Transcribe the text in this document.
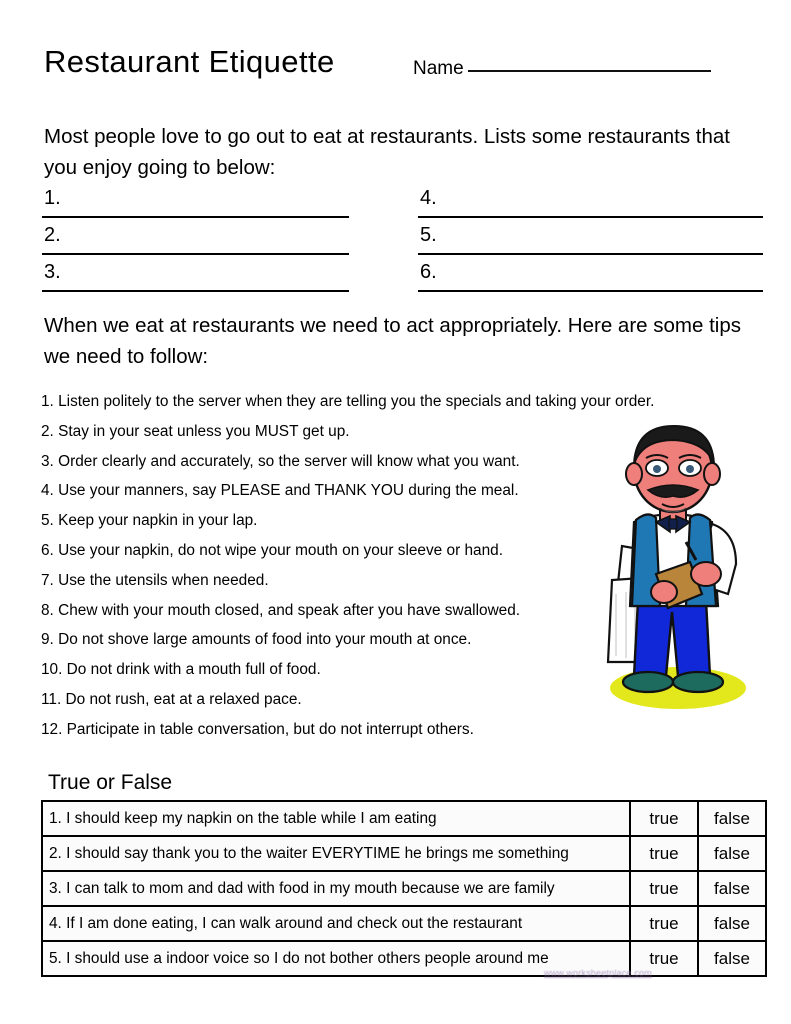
Restaurant Etiquette	Name
Most people love to go out to eat at restaurants. Lists some restaurants that you enjoy going to below:
1.
2.
3.
4.
5.
6.
When we eat at restaurants we need to act appropriately. Here are some tips we need to follow:
1. Listen politely to the server when they are telling you the specials and taking your order.
2. Stay in your seat unless you MUST get up.
3. Order clearly and accurately, so the server will know what you want.
4. Use your manners, say PLEASE and THANK YOU during the meal.
5. Keep your napkin in your lap.
6. Use your napkin, do not wipe your mouth on your sleeve or hand.
7. Use the utensils when needed.
8. Chew with your mouth closed, and speak after you have swallowed.
9. Do not shove large amounts of food into your mouth at once.
10. Do not drink with a mouth full of food.
11. Do not rush, eat at a relaxed pace.
12. Participate in table conversation, but do not interrupt others.
True or False
1. I should keep my napkin on the table while I am eating	true	false
2. I should say thank you to the waiter EVERYTIME he brings me something	true	false
3. I can talk to mom and dad with food in my mouth because we are family	true	false
4. If I am done eating, I can walk around and check out the restaurant	true	false
5. I should use a indoor voice so I do not bother others people around me	true	false
www.worksheetplace.com
